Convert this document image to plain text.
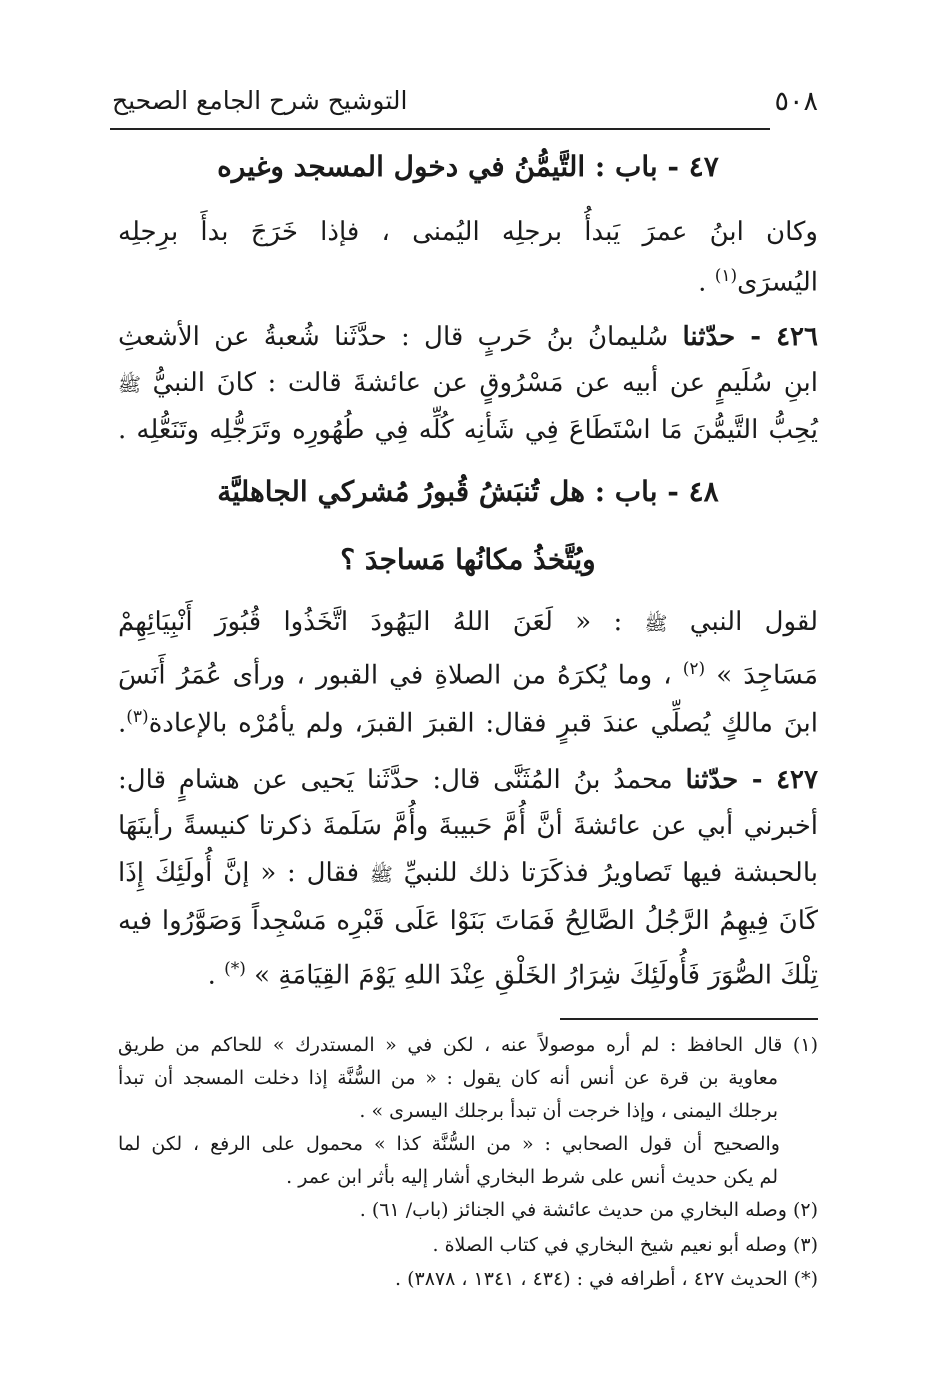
٥٠٨
التوشيح شرح الجامع الصحيح
٤٧ - باب : التَّيمُّنُ في دخول المسجد وغيره
وكان ابنُ عمرَ يَبدأُ برجلِه اليُمنى ، فإذا خَرَجَ بدأَ برِجلِه
اليُسرَى$^{(١)}$ .
٤٢٦ - حدّثنا سُليمانُ بنُ حَربٍ قال : حدَّثَنا شُعبةُ عن الأشعثِ
ابنِ سُلَيمٍ عن أبيه عن مَسْرُوقٍ عن عائشةَ قالت : كانَ النبيُّ ﷺ
يُحِبُّ التَّيمُّنَ مَا اسْتَطَاعَ فِي شَأنِه كُلِّه فِي طُهُورِه وتَرَجُّلِه وتَنَعُّلِه .
٤٨ - باب : هل تُنبَشُ قُبورُ مُشركي الجاهليَّة
ويُتَّخذُ مكانُها مَساجدَ ؟
لقول النبي ﷺ : « لَعَنَ اللهُ اليَهُودَ اتَّخَذُوا قُبُورَ أَنْبِيَائِهِمْ
مَسَاجِدَ » $^{(٢)}$ ، وما يُكرَهُ من الصلاةِ في القبور ، ورأى عُمَرُ أَنَسَ
ابنَ مالكٍ يُصلِّي عندَ قبرٍ فقال: القبرَ القبرَ، ولم يأمُرْه بالإعادة$^{(٣)}$.
٤٢٧ - حدّثنا محمدُ بنُ المُثَنَّى قال: حدَّثَنا يَحيى عن هشامٍ قال:
أخبرني أبي عن عائشةَ أنَّ أُمَّ حَبيبةَ وأُمَّ سَلَمةَ ذكرتا كنيسةً رأينَهَا
بالحبشة فيها تَصاويرُ فذكَرَتا ذلك للنبيِّ ﷺ فقال : « إنَّ أُولَئِكَ إِذَا
كَانَ فِيهِمُ الرَّجُلُ الصَّالِحُ فَمَاتَ بَنَوْا عَلَى قَبْرِه مَسْجِداً وَصَوَّرُوا فيه
تِلْكَ الصُّوَرَ فَأُولَئِكَ شِرَارُ الخَلْقِ عِنْدَ اللهِ يَوْمَ القِيَامَةِ » (*) .
(١) قال الحافظ : لم أره موصولاً عنه ، لكن في « المستدرك » للحاكم من طريق
معاوية بن قرة عن أنس أنه كان يقول : « من السُّنَّة إذا دخلت المسجد أن تبدأ
برجلك اليمنى ، وإذا خرجت أن تبدأ برجلك اليسرى » .
والصحيح أن قول الصحابي : « من السُّنَّة كذا » محمول على الرفع ، لكن لما
لم يكن حديث أنس على شرط البخاري أشار إليه بأثر ابن عمر .
(٢) وصله البخاري من حديث عائشة في الجنائز (باب/ ٦١) .
(٣) وصله أبو نعيم شيخ البخاري في كتاب الصلاة .
(*) الحديث ٤٢٧ ، أطرافه في : (٤٣٤ ، ١٣٤١ ، ٣٨٧٨) .
